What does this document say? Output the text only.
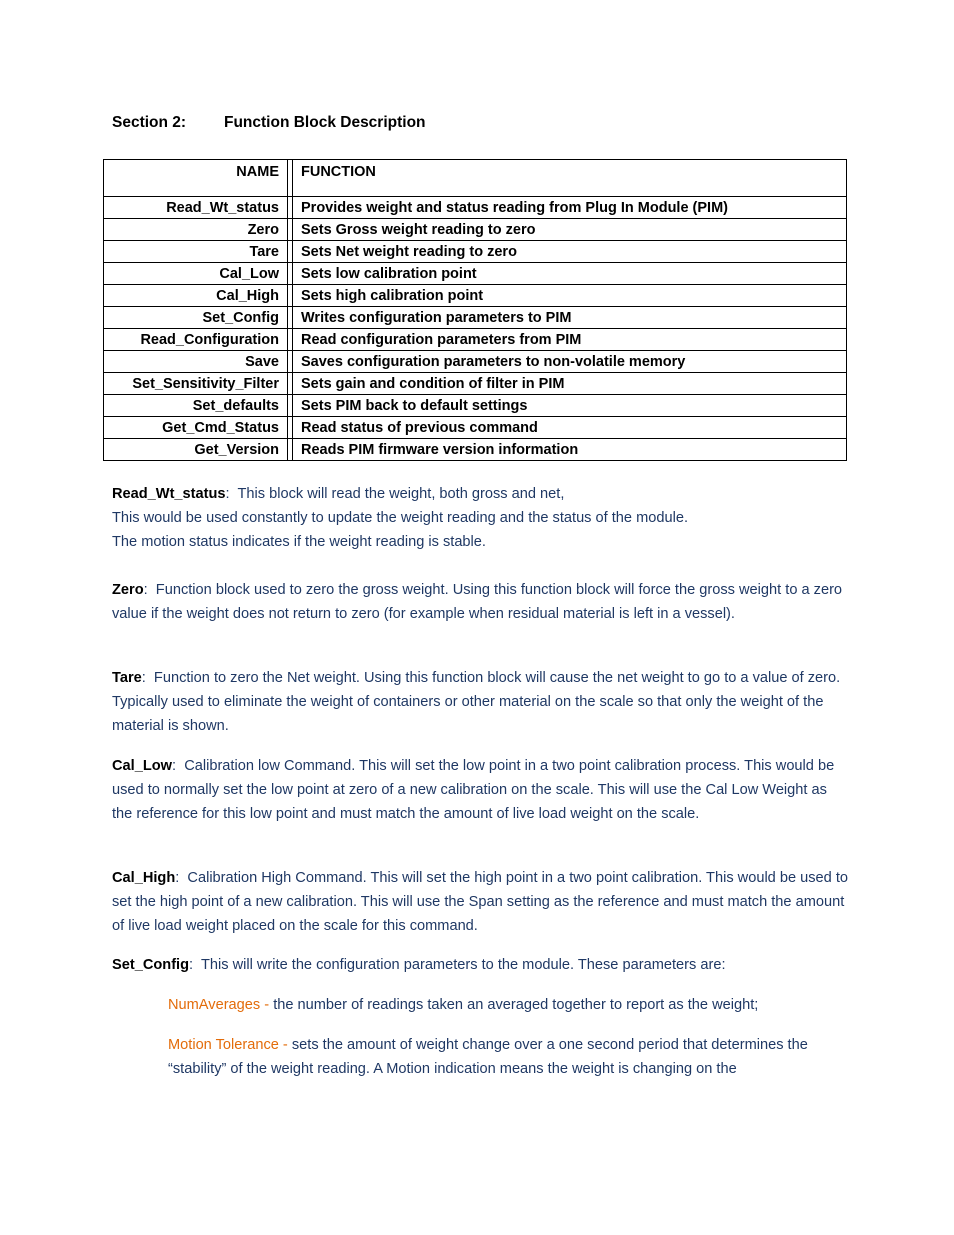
Section 2: Function Block Description
NAME		FUNCTION
Read_Wt_status		Provides weight and status reading from Plug In Module (PIM)
Zero		Sets Gross weight reading to zero
Tare		Sets Net weight reading to zero
Cal_Low		Sets low calibration point
Cal_High		Sets high calibration point
Set_Config		Writes configuration parameters to PIM
Read_Configuration		Read configuration parameters from PIM
Save		Saves configuration parameters to non-volatile memory
Set_Sensitivity_Filter		Sets gain and condition of filter in PIM
Set_defaults		Sets PIM back to default settings
Get_Cmd_Status		Read status of previous command
Get_Version		Reads PIM firmware version information

Read_Wt_status: This block will read the weight, both gross and net,

This would be used constantly to update the weight reading and the status of the module.

The motion status indicates if the weight reading is stable.

Zero: Function block used to zero the gross weight. Using this function block will force the gross weight to a zero value if the weight does not return to zero (for example when residual material is left in a vessel).

Tare: Function to zero the Net weight. Using this function block will cause the net weight to go to a value of zero. Typically used to eliminate the weight of containers or other material on the scale so that only the weight of the material is shown.

Cal_Low: Calibration low Command. This will set the low point in a two point calibration process. This would be used to normally set the low point at zero of a new calibration on the scale. This will use the Cal Low Weight as the reference for this low point and must match the amount of live load weight on the scale.

Cal_High: Calibration High Command. This will set the high point in a two point calibration. This would be used to set the high point of a new calibration. This will use the Span setting as the reference and must match the amount of live load weight placed on the scale for this command.

Set_Config: This will write the configuration parameters to the module. These parameters are:

NumAverages - the number of readings taken an averaged together to report as the weight;
Motion Tolerance - sets the amount of weight change over a one second period that determines the “stability” of the weight reading. A Motion indication means the weight is changing on the
